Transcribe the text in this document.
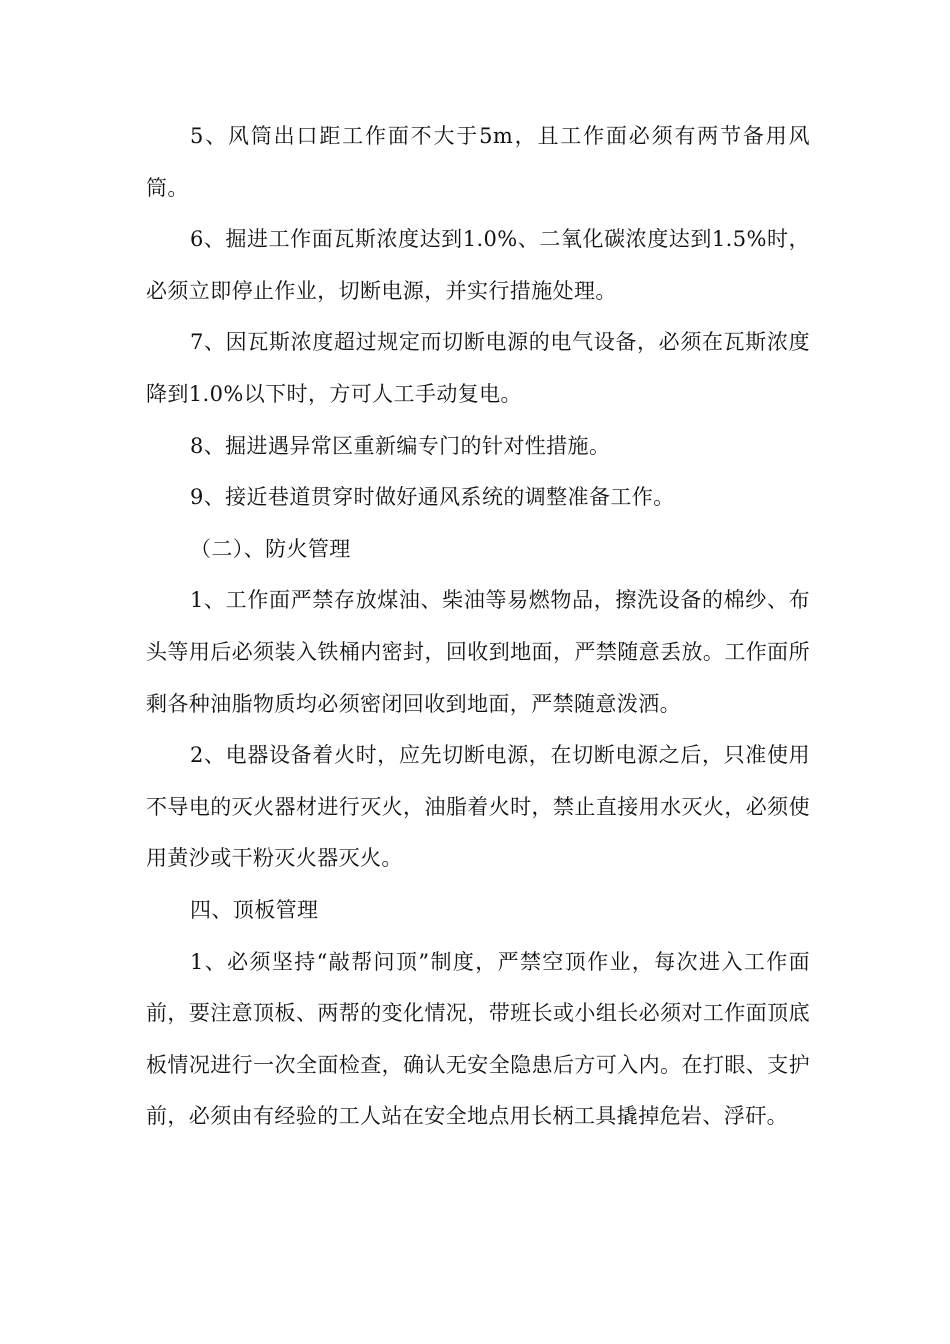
5、风筒出口距工作面不大于5m，且工作面必须有两节备用风筒。

6、掘进工作面瓦斯浓度达到1.0%、二氧化碳浓度达到1.5%时，必须立即停止作业，切断电源，并实行措施处理。

7、因瓦斯浓度超过规定而切断电源的电气设备，必须在瓦斯浓度降到1.0%以下时，方可人工手动复电。

8、掘进遇异常区重新编专门的针对性措施。

9、接近巷道贯穿时做好通风系统的调整准备工作。

（二）、防火管理

1、工作面严禁存放煤油、柴油等易燃物品，擦洗设备的棉纱、布头等用后必须装入铁桶内密封，回收到地面，严禁随意丢放。工作面所剩各种油脂物质均必须密闭回收到地面，严禁随意泼洒。

2、电器设备着火时，应先切断电源，在切断电源之后，只准使用不导电的灭火器材进行灭火，油脂着火时，禁止直接用水灭火，必须使用黄沙或干粉灭火器灭火。

四、顶板管理

1、必须坚持“敲帮问顶”制度，严禁空顶作业，每次进入工作面前，要注意顶板、两帮的变化情况，带班长或小组长必须对工作面顶底板情况进行一次全面检查，确认无安全隐患后方可入内。在打眼、支护前，必须由有经验的工人站在安全地点用长柄工具撬掉危岩、浮矸。
